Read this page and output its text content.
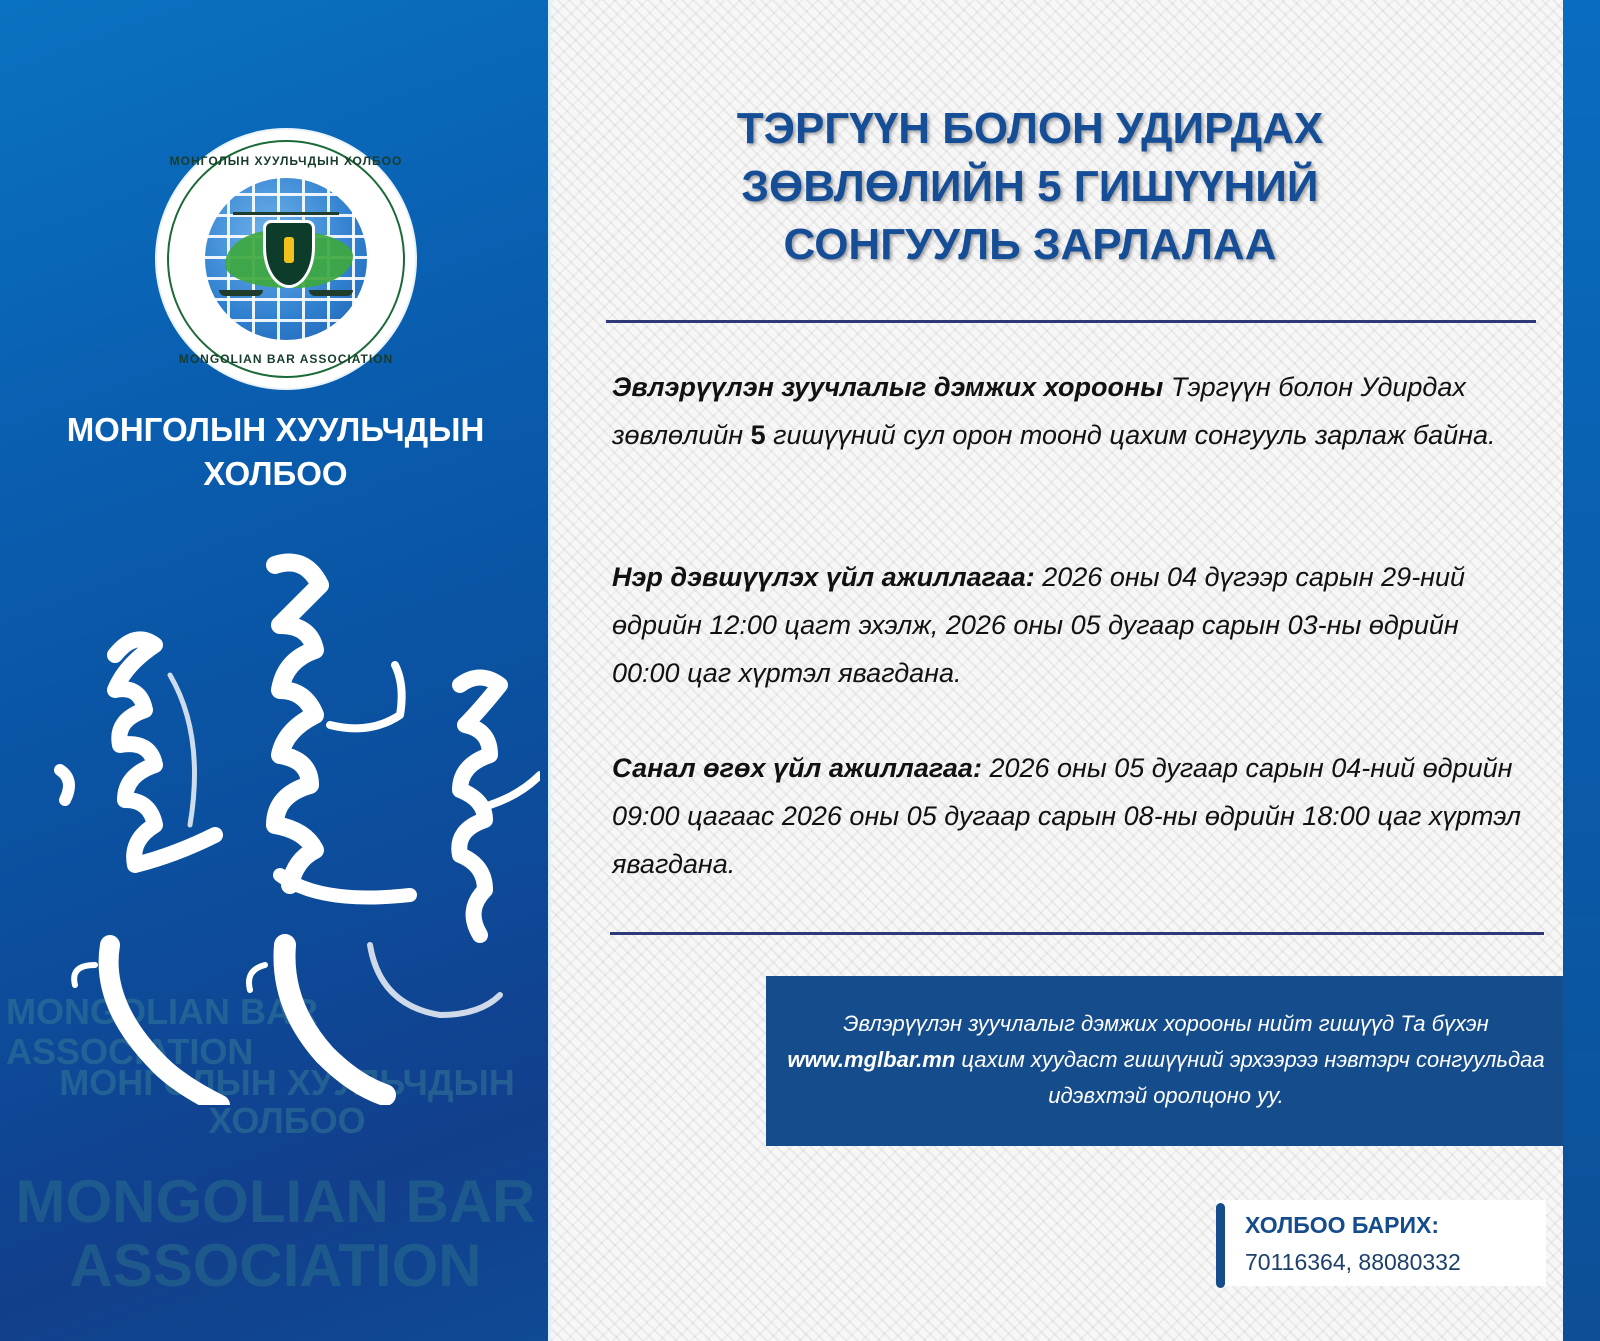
МОНГОЛЫН ХУУЛЬЧДЫН ХОЛБОО
MONGOLIAN BAR ASSOCIATION
МОНГОЛЫН ХУУЛЬЧДЫН
ХОЛБОО
MONGOLIAN BAR
ASSOCIATION
МОНГОЛЫН ХУУЛЬЧДЫН
ХОЛБОО
MONGOLIAN BAR
ASSOCIATION
ТЭРГҮҮН БОЛОН УДИРДАХ
ЗӨВЛӨЛИЙН 5 ГИШҮҮНИЙ
СОНГУУЛЬ ЗАРЛАЛАА
Эвлэрүүлэн зуучлалыг дэмжих хорооны Тэргүүн болон Удирдах зөвлөлийн 5 гишүүний сул орон тоонд цахим сонгууль зарлаж байна.
Нэр дэвшүүлэх үйл ажиллагаа: 2026 оны 04 дүгээр сарын 29-ний өдрийн 12:00 цагт эхэлж, 2026 оны 05 дугаар сарын 03-ны өдрийн 00:00 цаг хүртэл явагдана.
Санал өгөх үйл ажиллагаа: 2026 оны 05 дугаар сарын 04-ний өдрийн 09:00 цагаас 2026 оны 05 дугаар сарын 08-ны өдрийн 18:00 цаг хүртэл явагдана.
Эвлэрүүлэн зуучлалыг дэмжих хорооны нийт гишүүд Та бүхэн www.mglbar.mn цахим хуудаст гишүүний эрхээрээ нэвтэрч сонгуульдаа идэвхтэй оролцоно уу.
ХОЛБОО БАРИХ:
70116364, 88080332
